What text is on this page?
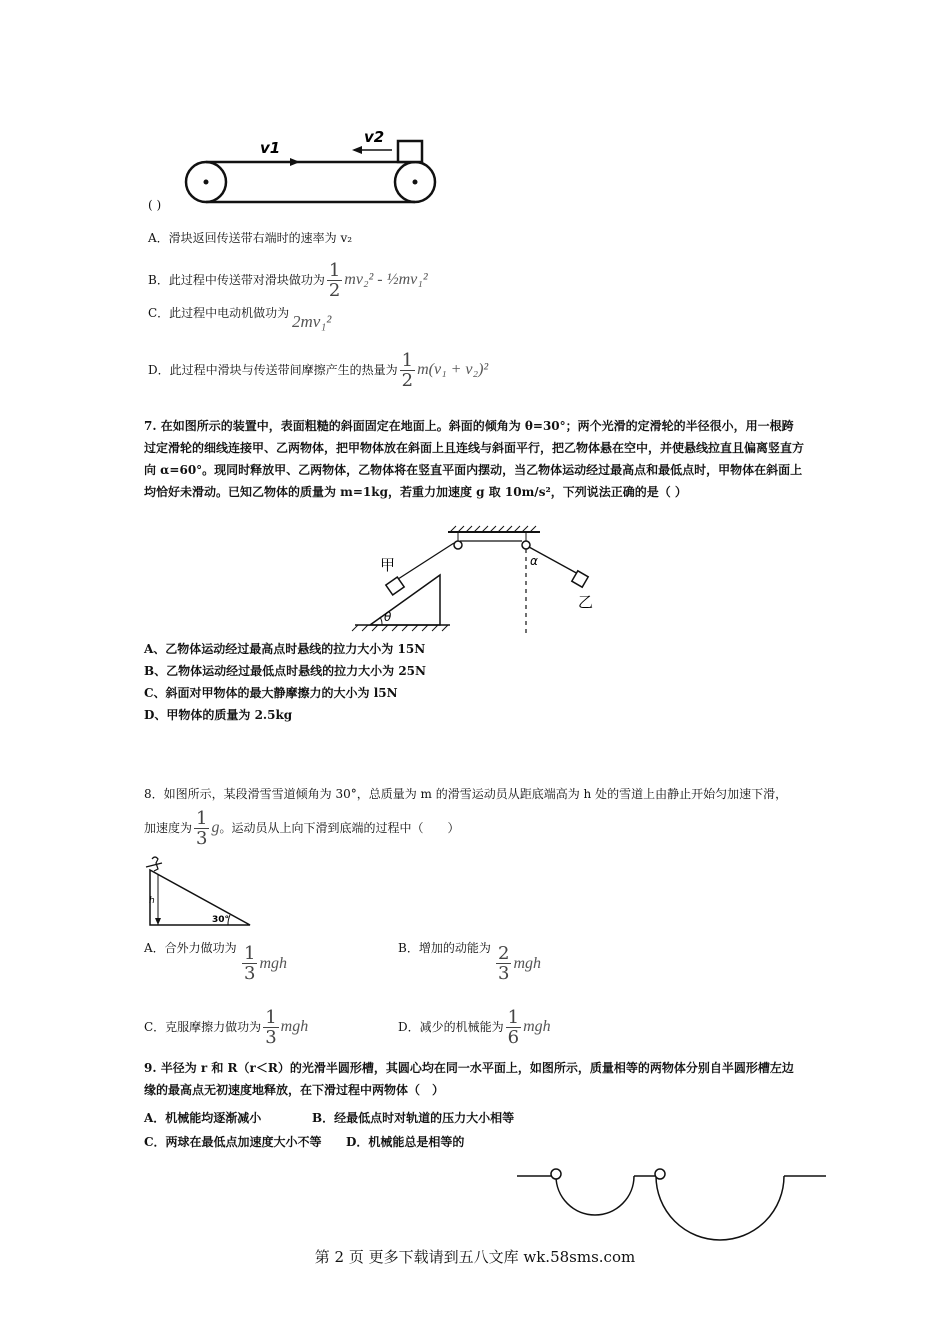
v1
v2
( )
A．滑块返回传送带右端时的速率为 v₂
B．此过程中传送带对滑块做功为 $\frac{1}{2} mv_2^2$ - ½mv₁²
C．此过程中电动机做功为 2mv₁²
D．此过程中滑块与传送带间摩擦产生的热量为 $\frac{1}{2} m(v_1 + v_2)^2$
7. 在如图所示的装置中，表面粗糙的斜面固定在地面上。斜面的倾角为 θ=30°；两个光滑的定滑轮的半径很小，用一根跨过定滑轮的细线连接甲、乙两物体，把甲物体放在斜面上且连线与斜面平行，把乙物体悬在空中，并使悬线拉直且偏离竖直方向 α=60°。现同时释放甲、乙两物体，乙物体将在竖直平面内摆动，当乙物体运动经过最高点和最低点时，甲物体在斜面上均恰好未滑动。已知乙物体的质量为 m=1kg，若重力加速度 g 取 10m/s²，下列说法正确的是（ ）
θ
α
甲
乙
A、乙物体运动经过最高点时悬线的拉力大小为 15N
B、乙物体运动经过最低点时悬线的拉力大小为 25N
C、斜面对甲物体的最大静摩擦力的大小为 l5N
D、甲物体的质量为 2.5kg
8．如图所示，某段滑雪雪道倾角为 30°，总质量为 m 的滑雪运动员从距底端高为 h 处的雪道上由静止开始匀加速下滑，
加速度为 $\frac{1}{3}$ g。运动员从上向下滑到底端的过程中（　　）
h
30°
A．合外力做功为 $\frac{1}{3}$ mgh
B．增加的动能为 $\frac{2}{3}$ mgh
C．克服摩擦力做功为 $\frac{1}{3}$ mgh	D．减少的机械能为 $\frac{1}{6}$ mgh
9. 半径为 r 和 R（r＜R）的光滑半圆形槽，其圆心均在同一水平面上，如图所示，质量相等的两物体分别自半圆形槽左边缘的最高点无初速度地释放，在下滑过程中两物体（　）
A．机械能均逐渐减小	B．经最低点时对轨道的压力大小相等
C．两球在最低点加速度大小不等 D．机械能总是相等的
第 2 页 更多下载请到五八文库 wk.58sms.com
